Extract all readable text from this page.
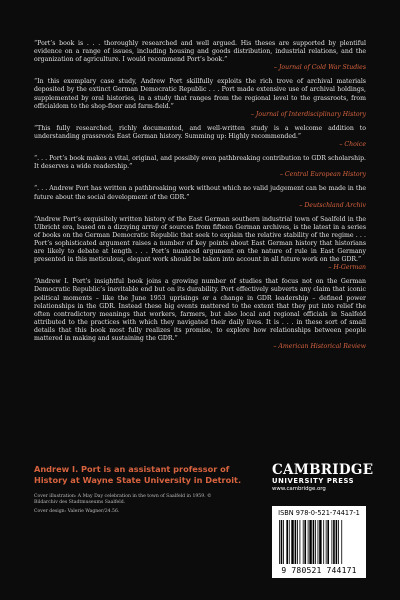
“Port’s book is . . . thoroughly researched and well argued. His theses are supported by plentiful evidence on a range of issues, including housing and goods distribution, industrial relations, and the organization of agriculture. I would recommend Port’s book.”

– Journal of Cold War Studies

“In this exemplary case study, Andrew Port skillfully exploits the rich trove of archival materials deposited by the extinct German Democratic Republic . . . Port made extensive use of archival holdings, supplemented by oral histories, in a study that ranges from the regional level to the grassroots, from officialdom to the shop-floor and farm-field.”

– Journal of Interdisciplinary History

“This fully researched, richly documented, and well-written study is a welcome addition to understanding grassroots East German history. Summing up: Highly recommended.”

– Choice

“. . . Port’s book makes a vital, original, and possibly even pathbreaking contribution to GDR scholarship. It deserves a wide readership.”

– Central European History

“. . . Andrew Port has written a pathbreaking work without which no valid judgement can be made in the future about the social development of the GDR.”

– Deutschland Archiv

“Andrew Port’s exquisitely written history of the East German southern industrial town of Saalfeld in the Ulbricht era, based on a dizzying array of sources from fifteen German archives, is the latest in a series of books on the German Democratic Republic that seek to explain the relative stability of the regime . . . Port’s sophisticated argument raises a number of key points about East German history that historians are likely to debate at length . . . Port’s nuanced argument on the nature of rule in East Germany presented in this meticulous, elegant work should be taken into account in all future work on the GDR.”

– H-German

“Andrew I. Port’s insightful book joins a growing number of studies that focus not on the German Democratic Republic’s inevitable end but on its durability. Port effectively subverts any claim that iconic political moments – like the June 1953 uprisings or a change in GDR leadership – defined power relationships in the GDR. Instead these big events mattered to the extent that they put into relief the often contradictory meanings that workers, farmers, but also local and regional officials in Saalfeld attributed to the practices with which they navigated their daily lives. It is . . . in these sort of small details that this book most fully realizes its promise, to explore how relationships between people mattered in making and sustaining the GDR.”

– American Historical Review

Andrew I. Port is an assistant professor of History at Wayne State University in Detroit.

Cover illustration: A May Day celebration in the town of Saalfeld in 1959. © Bildarchiv des Stadtmuseums Saalfeld.

Cover design: Valerie Wagner/24.56.

CAMBRIDGE

UNIVERSITY PRESS

www.cambridge.org

ISBN 978-0-521-74417-1

9 780521 744171
